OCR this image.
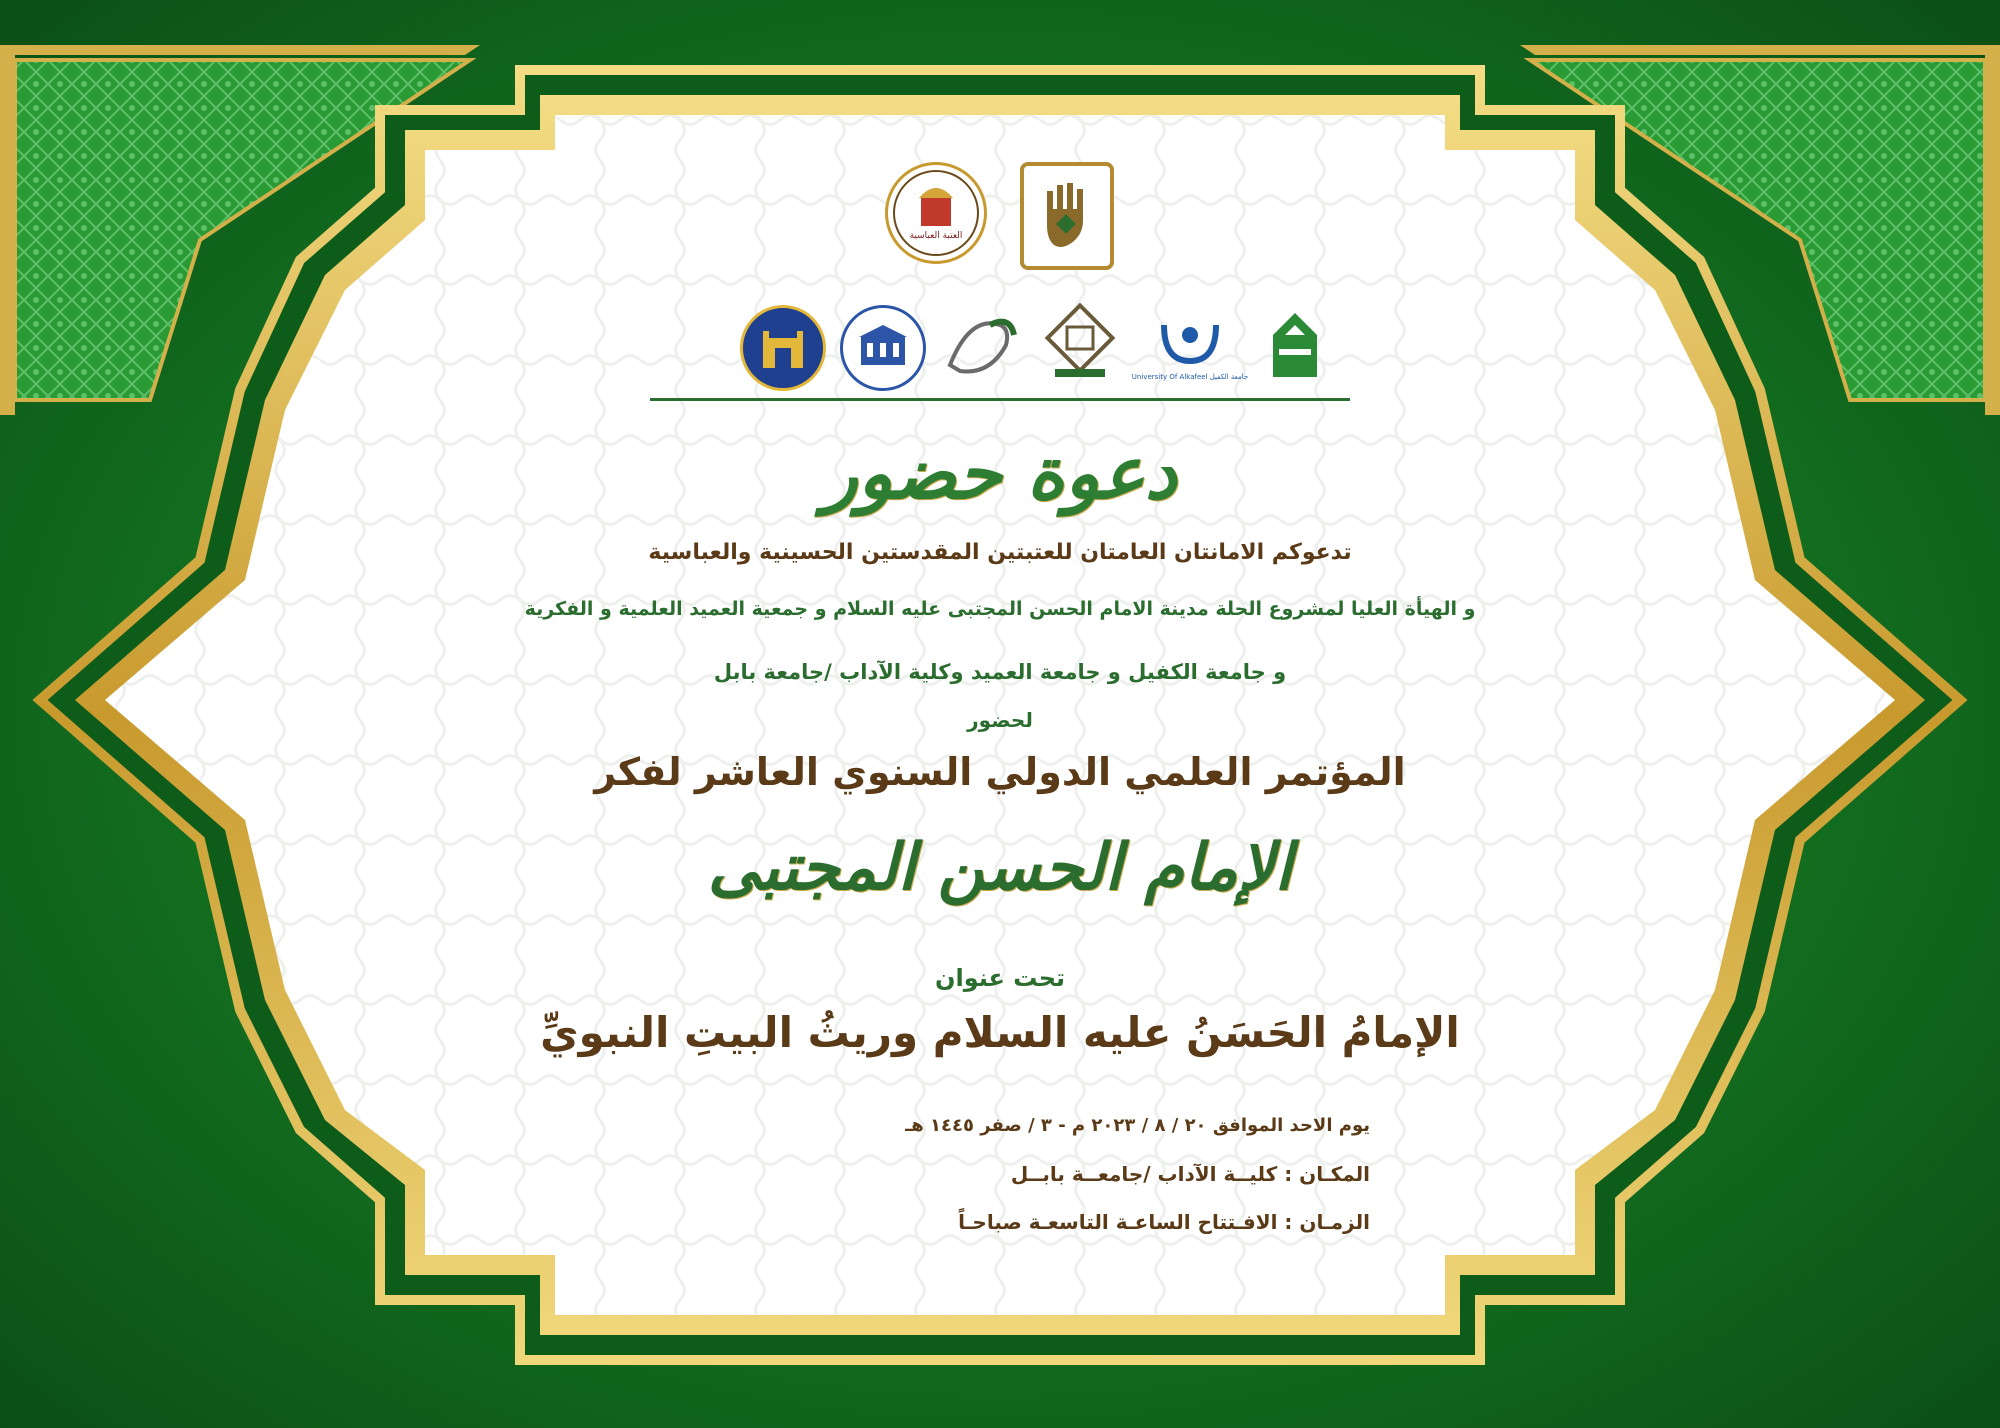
العتبة العباسية
جامعة الكفيل University Of Alkafeel
دعوة حضور
تدعوكم الامانتان العامتان للعتبتين المقدستين الحسينية والعباسية
و الهيأة العليا لمشروع الحلة مدينة الامام الحسن المجتبى عليه السلام و جمعية العميد العلمية و الفكرية
و جامعة الكفيل و جامعة العميد وكلية الآداب /جامعة بابل
لحضور
المؤتمر العلمي الدولي السنوي العاشر لفكر
الإمام الحسن المجتبى
تحت عنوان
الإمامُ الحَسَنُ عليه السلام وريثُ البيتِ النبويِّ
يوم الاحد الموافق ٢٠ / ٨ / ٢٠٢٣ م - ٣ / صفر ١٤٤٥ هـ
المكـان : كليــة الآداب /جامعــة بابــل
الزمـان : الافـتتاح الساعـة التاسعـة صباحـاً
